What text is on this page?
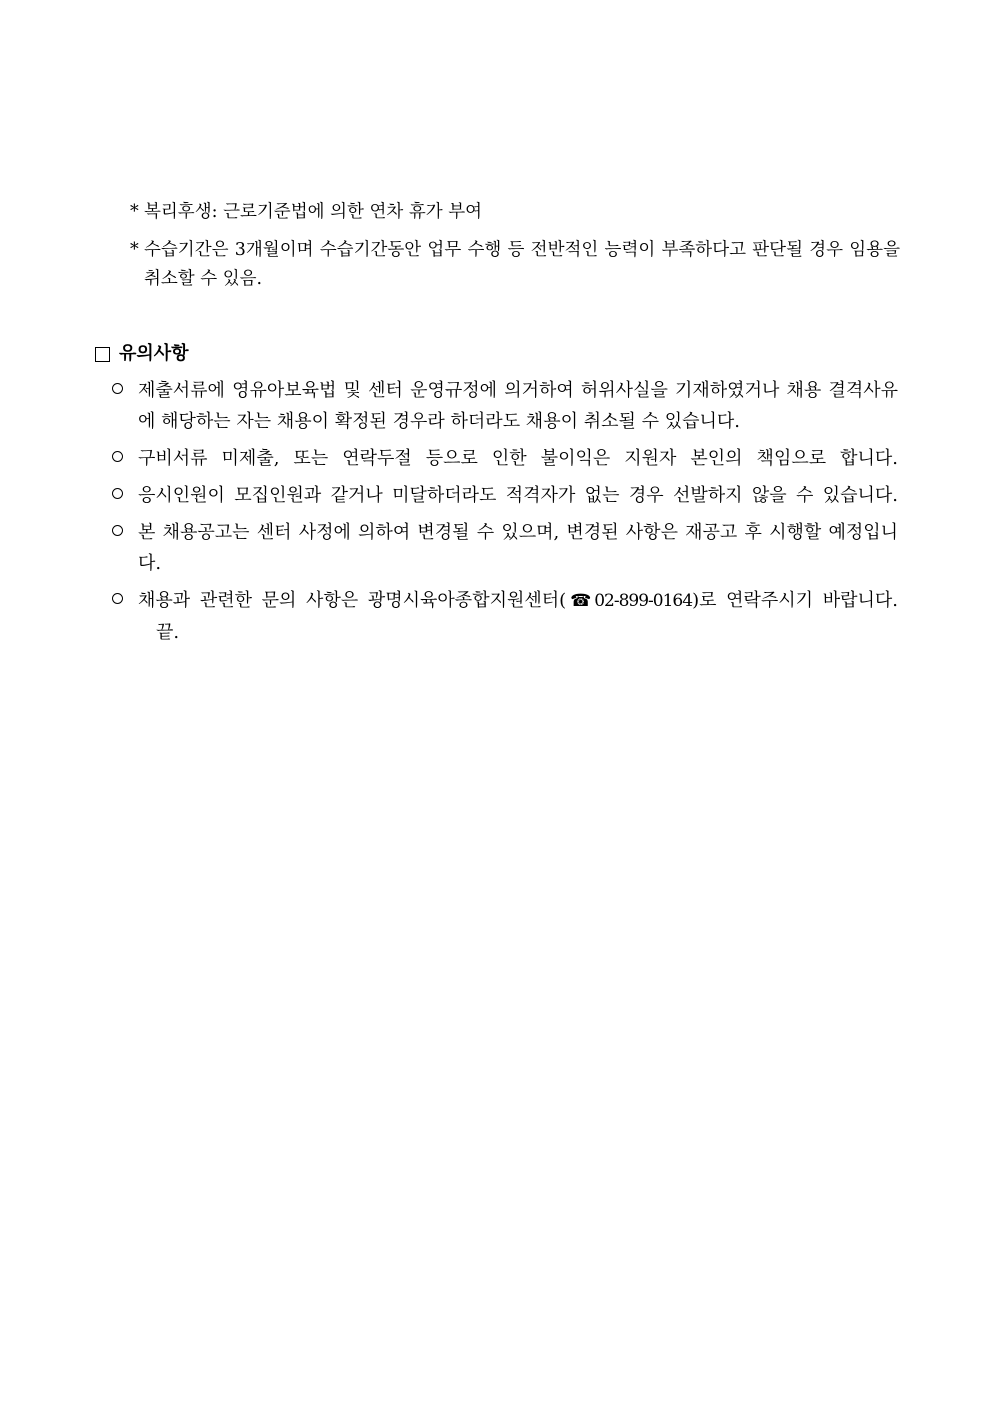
* 복리후생: 근로기준법에 의한 연차 휴가 부여
* 수습기간은 3개월이며 수습기간동안 업무 수행 등 전반적인 능력이 부족하다고 판단될 경우 임용을 취소할 수 있음.
유의사항
제출서류에 영유아보육법 및 센터 운영규정에 의거하여 허위사실을 기재하였거나 채용 결격사유에 해당하는 자는 채용이 확정된 경우라 하더라도 채용이 취소될 수 있습니다.
구비서류 미제출, 또는 연락두절 등으로 인한 불이익은 지원자 본인의 책임으로 합니다.
응시인원이 모집인원과 같거나 미달하더라도 적격자가 없는 경우 선발하지 않을 수 있습니다.
본 채용공고는 센터 사정에 의하여 변경될 수 있으며, 변경된 사항은 재공고 후 시행할 예정입니다.
채용과 관련한 문의 사항은 광명시육아종합지원센터(☎02-899-0164)로 연락주시기 바랍니다.끝.
